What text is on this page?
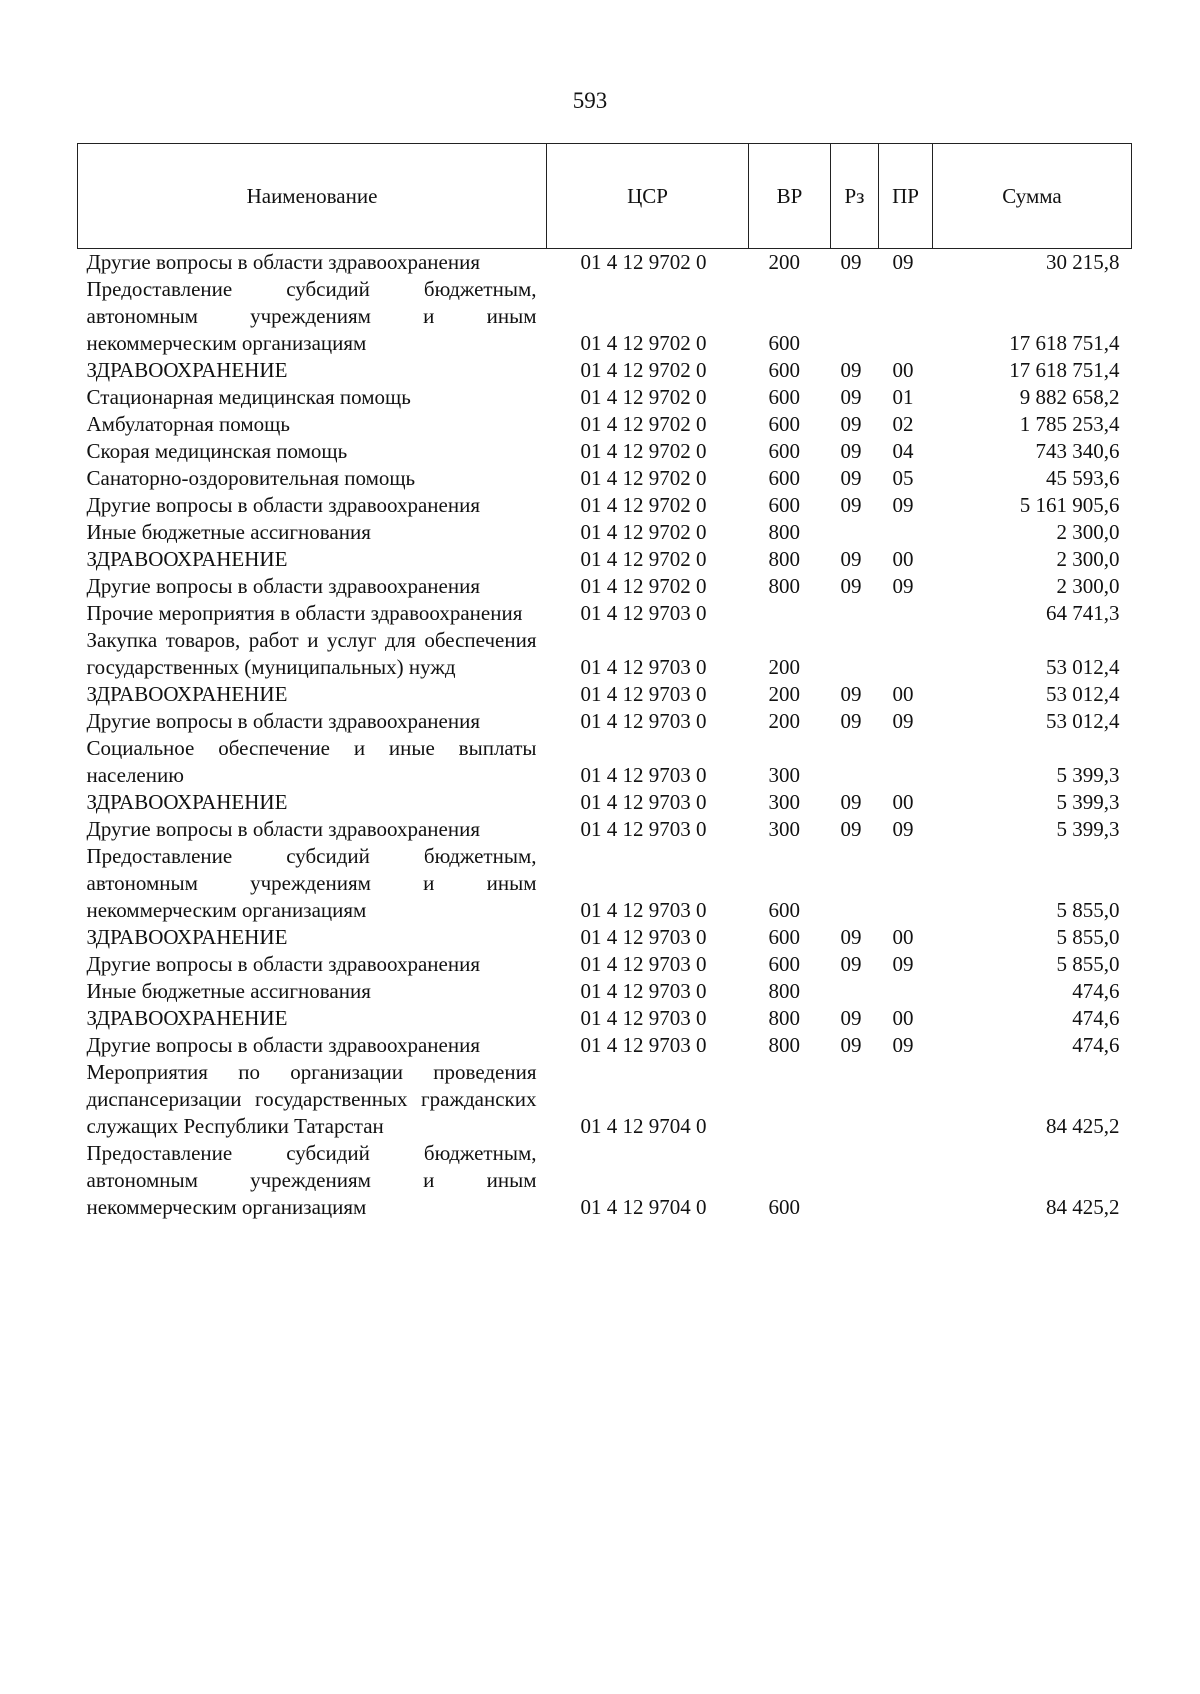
593
Наименование	ЦСР	ВР	Рз	ПР	Сумма
Другие вопросы в области здравоохранения	01 4 12 9702 0	200	09	09	30 215,8
Предоставление субсидий бюджетным, автономным учреждениям и иным некоммерческим организациям	01 4 12 9702 0	600			17 618 751,4
ЗДРАВООХРАНЕНИЕ	01 4 12 9702 0	600	09	00	17 618 751,4
Стационарная медицинская помощь	01 4 12 9702 0	600	09	01	9 882 658,2
Амбулаторная помощь	01 4 12 9702 0	600	09	02	1 785 253,4
Скорая медицинская помощь	01 4 12 9702 0	600	09	04	743 340,6
Санаторно-оздоровительная помощь	01 4 12 9702 0	600	09	05	45 593,6
Другие вопросы в области здравоохранения	01 4 12 9702 0	600	09	09	5 161 905,6
Иные бюджетные ассигнования	01 4 12 9702 0	800			2 300,0
ЗДРАВООХРАНЕНИЕ	01 4 12 9702 0	800	09	00	2 300,0
Другие вопросы в области здравоохранения	01 4 12 9702 0	800	09	09	2 300,0
Прочие мероприятия в области здравоохранения	01 4 12 9703 0				64 741,3
Закупка товаров, работ и услуг для обеспечения государственных (муниципальных) нужд	01 4 12 9703 0	200			53 012,4
ЗДРАВООХРАНЕНИЕ	01 4 12 9703 0	200	09	00	53 012,4
Другие вопросы в области здравоохранения	01 4 12 9703 0	200	09	09	53 012,4
Социальное обеспечение и иные выплаты населению	01 4 12 9703 0	300			5 399,3
ЗДРАВООХРАНЕНИЕ	01 4 12 9703 0	300	09	00	5 399,3
Другие вопросы в области здравоохранения	01 4 12 9703 0	300	09	09	5 399,3
Предоставление субсидий бюджетным, автономным учреждениям и иным некоммерческим организациям	01 4 12 9703 0	600			5 855,0
ЗДРАВООХРАНЕНИЕ	01 4 12 9703 0	600	09	00	5 855,0
Другие вопросы в области здравоохранения	01 4 12 9703 0	600	09	09	5 855,0
Иные бюджетные ассигнования	01 4 12 9703 0	800			474,6
ЗДРАВООХРАНЕНИЕ	01 4 12 9703 0	800	09	00	474,6
Другие вопросы в области здравоохранения	01 4 12 9703 0	800	09	09	474,6
Мероприятия по организации проведения диспансеризации государственных гражданских служащих Республики Татарстан	01 4 12 9704 0				84 425,2
Предоставление субсидий бюджетным, автономным учреждениям и иным некоммерческим организациям	01 4 12 9704 0	600			84 425,2
